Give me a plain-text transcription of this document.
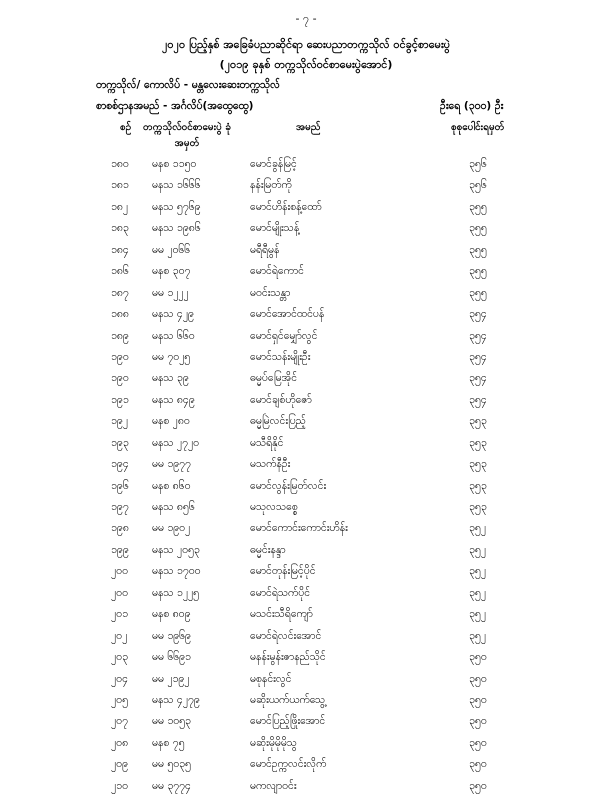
- ၇ -
၂၀၂၀ ပြည့်နှစ် အခြေခံပညာဆိုင်ရာ ဆေးပညာတက္ကသိုလ် ဝင်ခွင့်စာမေးပွဲ
(၂၀၁၉ ခုနှစ် တက္ကသိုလ်ဝင်စာမေးပွဲအောင်)
တက္ကသိုလ်/ ကောလိပ် - မန္တလေးဆေးတက္ကသိုလ်
စာစစ်ဌာနအမည် - အင်္ဂလိပ်(အထွေထွေ)	ဦးရေ (၃၀၀) ဦး
စဉ် တက္ကသိုလ်ဝင်စာမေးပွဲ ခုံအမှတ်
အမည်	စုစုပေါင်းရမှတ်
၁၈၀ မနစ ၁၁၅၀	မောင်ခွန်မြင့်	၃၅၆
၁၈၁ မနသ ၁၆၆၆	နန်းမြတ်ကို	၃၅၆
၁၈၂ မနသ ၅၇၆၉	မောင်ဟိန်းစန့်ထော်	၃၅၅
၁၈၃ မနသ ၁၉၈၆	မောင်မျိုးသန့်	၃၅၅
၁၈၄ မမ ၂၀၆၆	မရီရီမွန်	၃၅၅
၁၈၆ မနစ ၃၀၇	မောင်ရဲကောင်	၃၅၅
၁၈၇ မမ ၁၂၂၂	မဝင်းသန္တာ	၃၅၅
၁၈၈ မနသ ၄၂၉	မောင်အောင်ထင်ပန်	၃၅၄
၁၈၉ မနသ ၆၆၀	မောင်ရှင်မျှော်လွင်	၃၅၄
၁၉၀ မမ ၇၀၂၅	မောင်သန်းမျိုးဦး	၃၅၄
၁၉၀ မနသ ၃၉	ဓမ္မပ်မြေအိုင်	၃၅၄
၁၉၁ မနသ ၈၄၉	မောင်ချစ်ဟိုဇော်	၃၅၄
၁၉၂ မနစ ၂၈၀	ဓမ္မမြဲလင်းပြည့်	၃၅၃
၁၉၃ မနသ ၂၇၂၀	မသီရိနိုင်	၃၅၃
၁၉၄ မမ ၁၉၇၇	မသက်နီဦး	၃၅၃
၁၉၆ မနစ ၈၆၀	မောင်လွန်းမြတ်လင်း	၃၅၃
၁၉၇ မနသ ၈၅၆	မသုလသစ္စေ	၃၅၃
၁၉၈ မမ ၁၉၀၂	မောင်ကောင်းကောင်းဟိန်း	၃၅၂
၁၉၉ မနသ ၂၀၅၃	ဓမ္မင်းနန္ဒာ	၃၅၂
၂၀၀ မနသ ၁၇၀၀	မောင်တုန်းမြင့်ပိုင်	၃၅၂
၂၀၀ မနသ ၁၂၂၅	မောင်ရဲသက်ပိုင်	၃၅၂
၂၀၁ မနစ ၈၀၉	မသင်းသီရိကျော်	၃၅၂
၂၀၂ မမ ၁၉၆၉	မောင်ရဲလင်းအောင်	၃၅၂
၂၀၃ မမ ၆၆၉၁	မနန်းမွန်းဇာနည်သိုင်	၃၅၀
၂၀၄ မမ ၂၁၉၂	မစုနင်းလွင်	၃၅၀
၂၀၅ မနသ ၄၂၇၉	မဆိုးယက်ယက်သွေ့	၃၅၀
၂၀၇ မမ ၁၀၅၃	မောင်ပြည့်ဖြိုးအောင်	၃၅၀
၂၀၈ မနစ ၇၅	မဆိုးမိုမိုမိုသွ	၃၅၀
၂၀၉ မမ ၅၀၃၅	မောင်ဥက္ကလင်းလိုက်	၃၅၀
၂၁၀ မမ ၃၇၇၄	မကလျာဝင်း	၃၅၀
